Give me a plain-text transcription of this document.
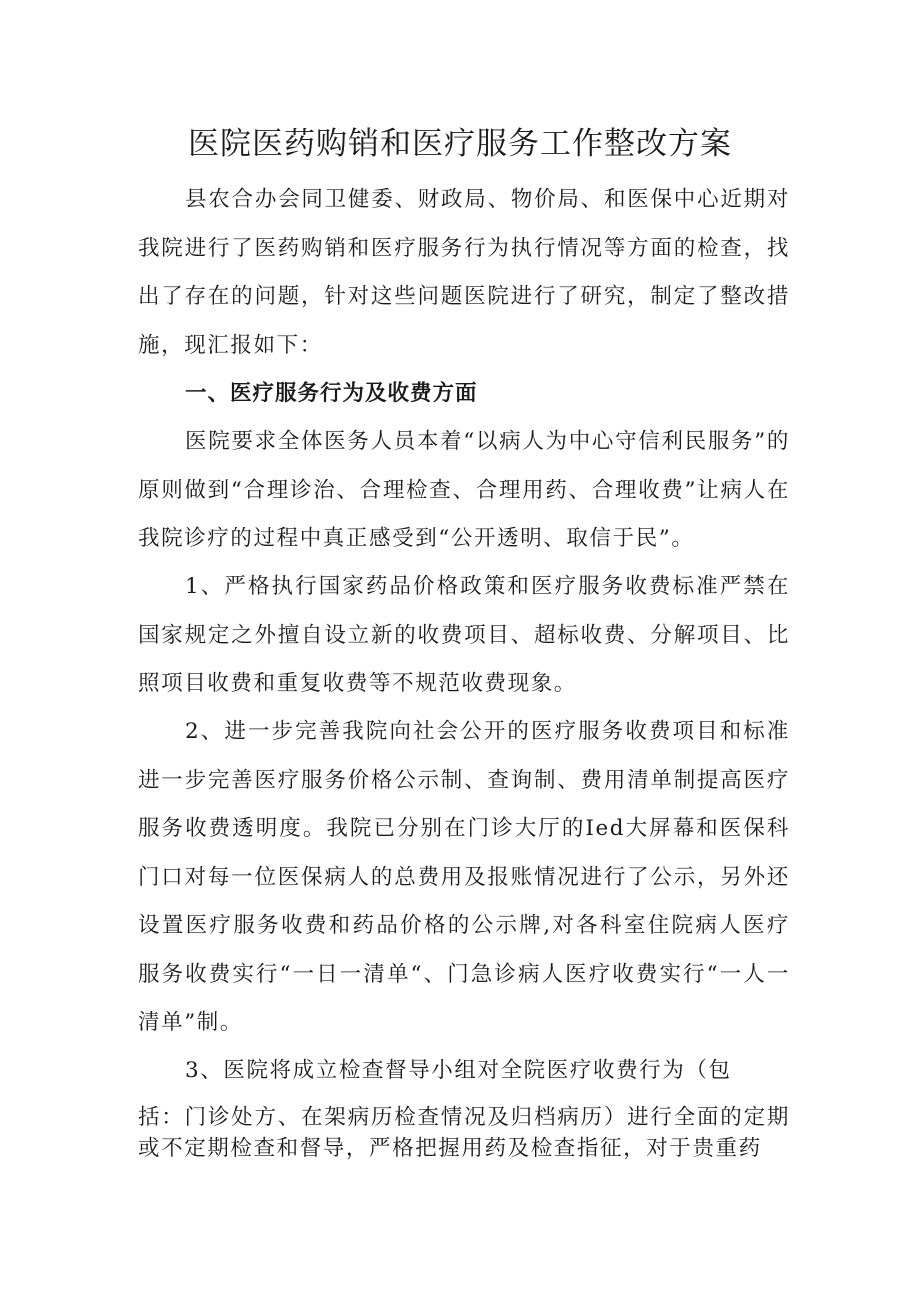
医院医药购销和医疗服务工作整改方案

县农合办会同卫健委、财政局、物价局、和医保中心近期对我院进行了医药购销和医疗服务行为执行情况等方面的检查，找出了存在的问题，针对这些问题医院进行了研究，制定了整改措施，现汇报如下：

一、医疗服务行为及收费方面

医院要求全体医务人员本着“以病人为中心守信利民服务”的原则做到“合理诊治、合理检查、合理用药、合理收费”让病人在我院诊疗的过程中真正感受到“公开透明、取信于民”。

1、严格执行国家药品价格政策和医疗服务收费标准严禁在国家规定之外擅自设立新的收费项目、超标收费、分解项目、比照项目收费和重复收费等不规范收费现象。

2、进一步完善我院向社会公开的医疗服务收费项目和标准进一步完善医疗服务价格公示制、查询制、费用清单制提高医疗服务收费透明度。我院已分别在门诊大厅的Ied大屏幕和医保科门口对每一位医保病人的总费用及报账情况进行了公示，另外还设置医疗服务收费和药品价格的公示牌,对各科室住院病人医疗服务收费实行“一日一清单“、门急诊病人医疗收费实行“一人一清单”制。

3、医院将成立检查督导小组对全院医疗收费行为（包

括：门诊处方、在架病历检查情况及归档病历）进行全面的定期或不定期检查和督导，严格把握用药及检查指征，对于贵重药
